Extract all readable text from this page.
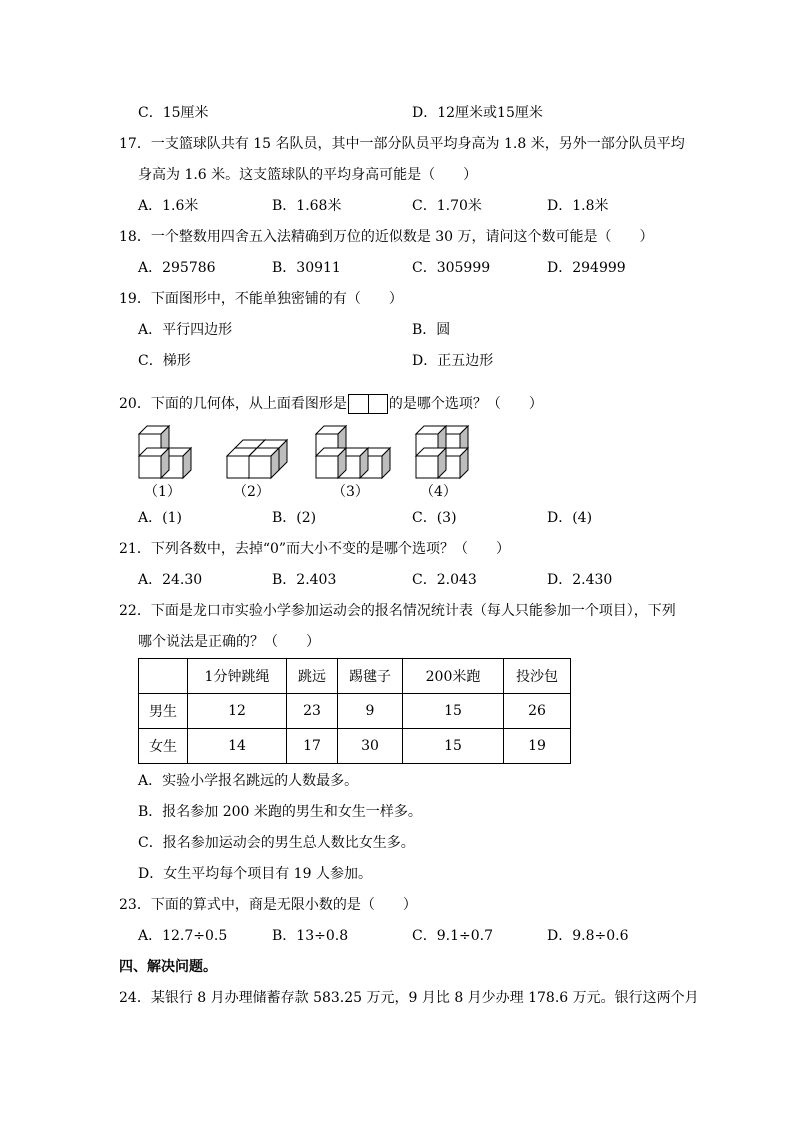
C．15厘米	D．12厘米或15厘米
17．一支篮球队共有 15 名队员，其中一部分队员平均身高为 1.8 米，另外一部分队员平均
身高为 1.6 米。这支篮球队的平均身高可能是（　　）
A．1.6米	B．1.68米	C．1.70米	D．1.8米
18．一个整数用四舍五入法精确到万位的近似数是 30 万，请问这个数可能是（　　）
A．295786	B．30911	C．305999	D．294999
19．下面图形中，不能单独密铺的有（　　）
A．平行四边形	B．圆
C．梯形	D．正五边形
20．下面的几何体，从上面看图形是	的是哪个选项？（　　）
（1）	（2）	（3）	（4）
A．(1)	B．(2)	C．(3)	D．(4)
21．下列各数中，去掉“0”而大小不变的是哪个选项？（　　）
A．24.30	B．2.403	C．2.043	D．2.430
22．下面是龙口市实验小学参加运动会的报名情况统计表（每人只能参加一个项目），下列
哪个说法是正确的？（　　）
	1分钟跳绳	跳远	踢毽子	200米跑	投沙包
男生	12	23	9	15	26
女生	14	17	30	15	19
A．实验小学报名跳远的人数最多。
B．报名参加 200 米跑的男生和女生一样多。
C．报名参加运动会的男生总人数比女生多。
D．女生平均每个项目有 19 人参加。
23．下面的算式中，商是无限小数的是（　　）
A．12.7÷0.5	B．13÷0.8	C．9.1÷0.7	D．9.8÷0.6
四、解决问题。
24．某银行 8 月办理储蓄存款 583.25 万元，9 月比 8 月少办理 178.6 万元。银行这两个月
